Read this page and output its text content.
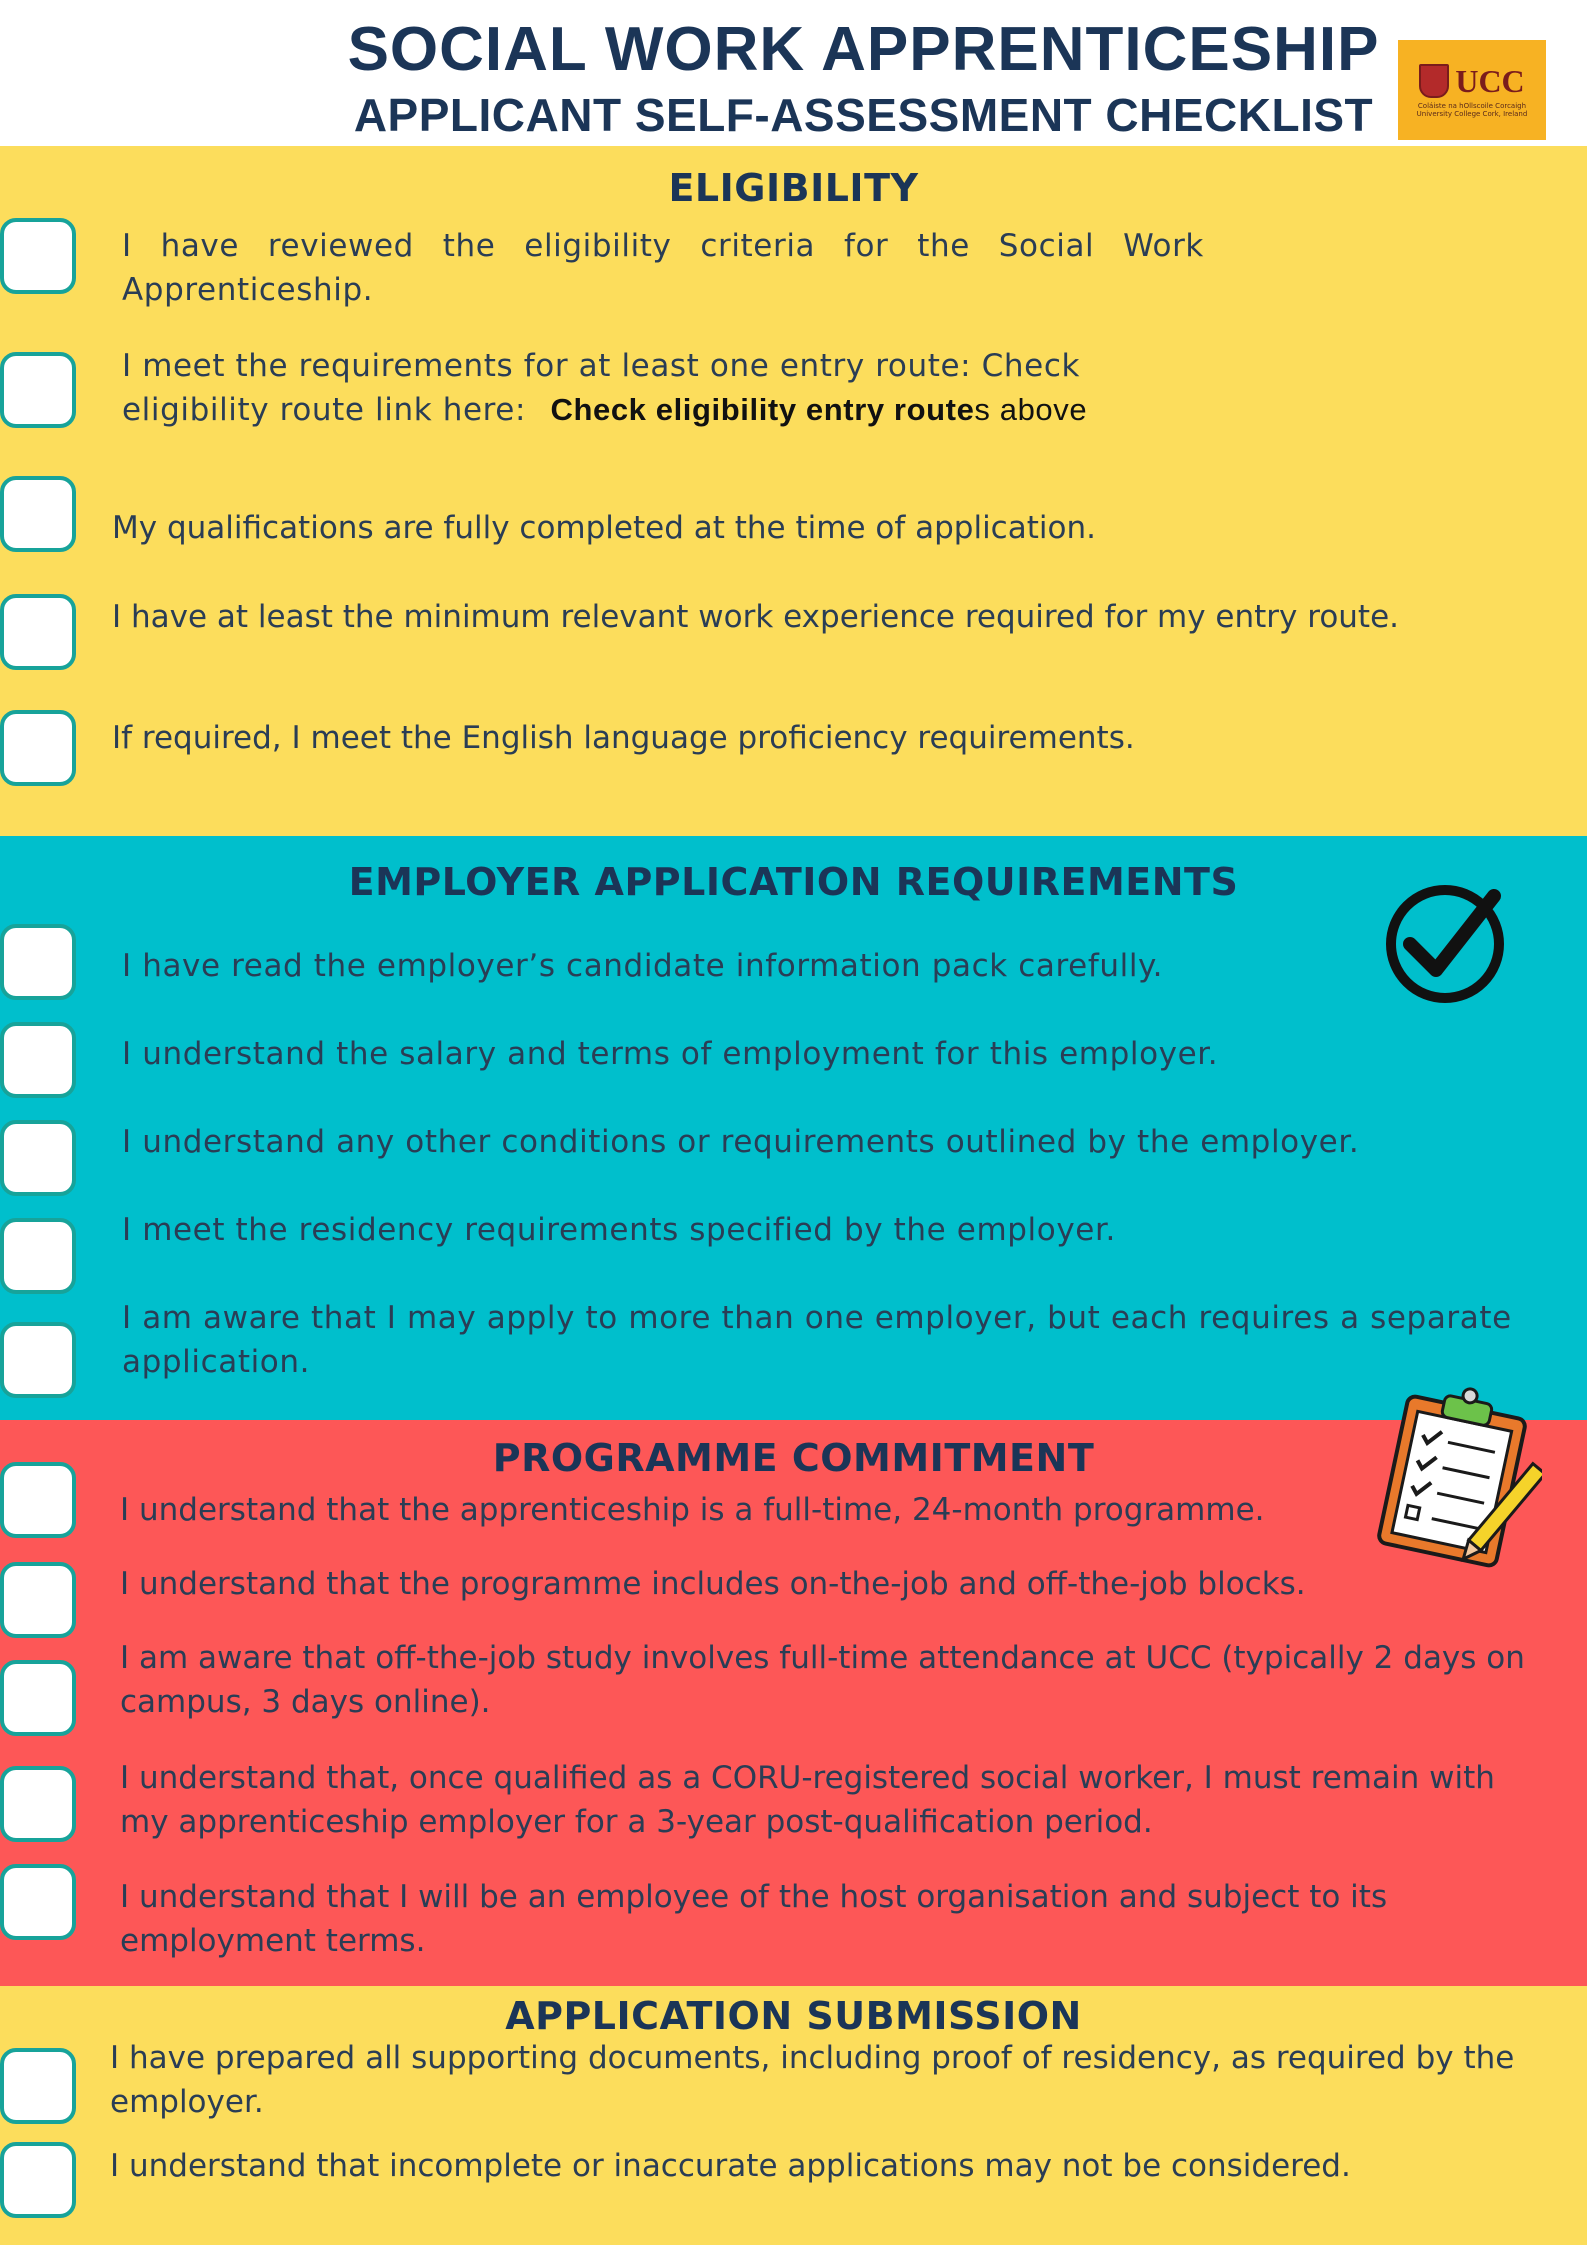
SOCIAL WORK APPRENTICESHIP
APPLICANT SELF-ASSESSMENT CHECKLIST
UCC
Coláiste na hOllscoile Corcaigh
University College Cork, Ireland
ELIGIBILITY
I have reviewed the eligibility criteria for the Social Work Apprenticeship.
I meet the requirements for at least one entry route: Check eligibility route link here: Check eligibility entry routes above
My qualifications are fully completed at the time of application.
I have at least the minimum relevant work experience required for my entry route.
If required, I meet the English language proficiency requirements.
EMPLOYER APPLICATION REQUIREMENTS
I have read the employer’s candidate information pack carefully.
I understand the salary and terms of employment for this employer.
I understand any other conditions or requirements outlined by the employer.
I meet the residency requirements specified by the employer.
I am aware that I may apply to more than one employer, but each requires a separate application.
PROGRAMME COMMITMENT
I understand that the apprenticeship is a full-time, 24-month programme.
I understand that the programme includes on-the-job and off-the-job blocks.
I am aware that off-the-job study involves full-time attendance at UCC (typically 2 days on campus, 3 days online).
I understand that, once qualified as a CORU-registered social worker, I must remain with my apprenticeship employer for a 3-year post-qualification period.
I understand that I will be an employee of the host organisation and subject to its employment terms.
APPLICATION SUBMISSION
I have prepared all supporting documents, including proof of residency, as required by the employer.
I understand that incomplete or inaccurate applications may not be considered.
